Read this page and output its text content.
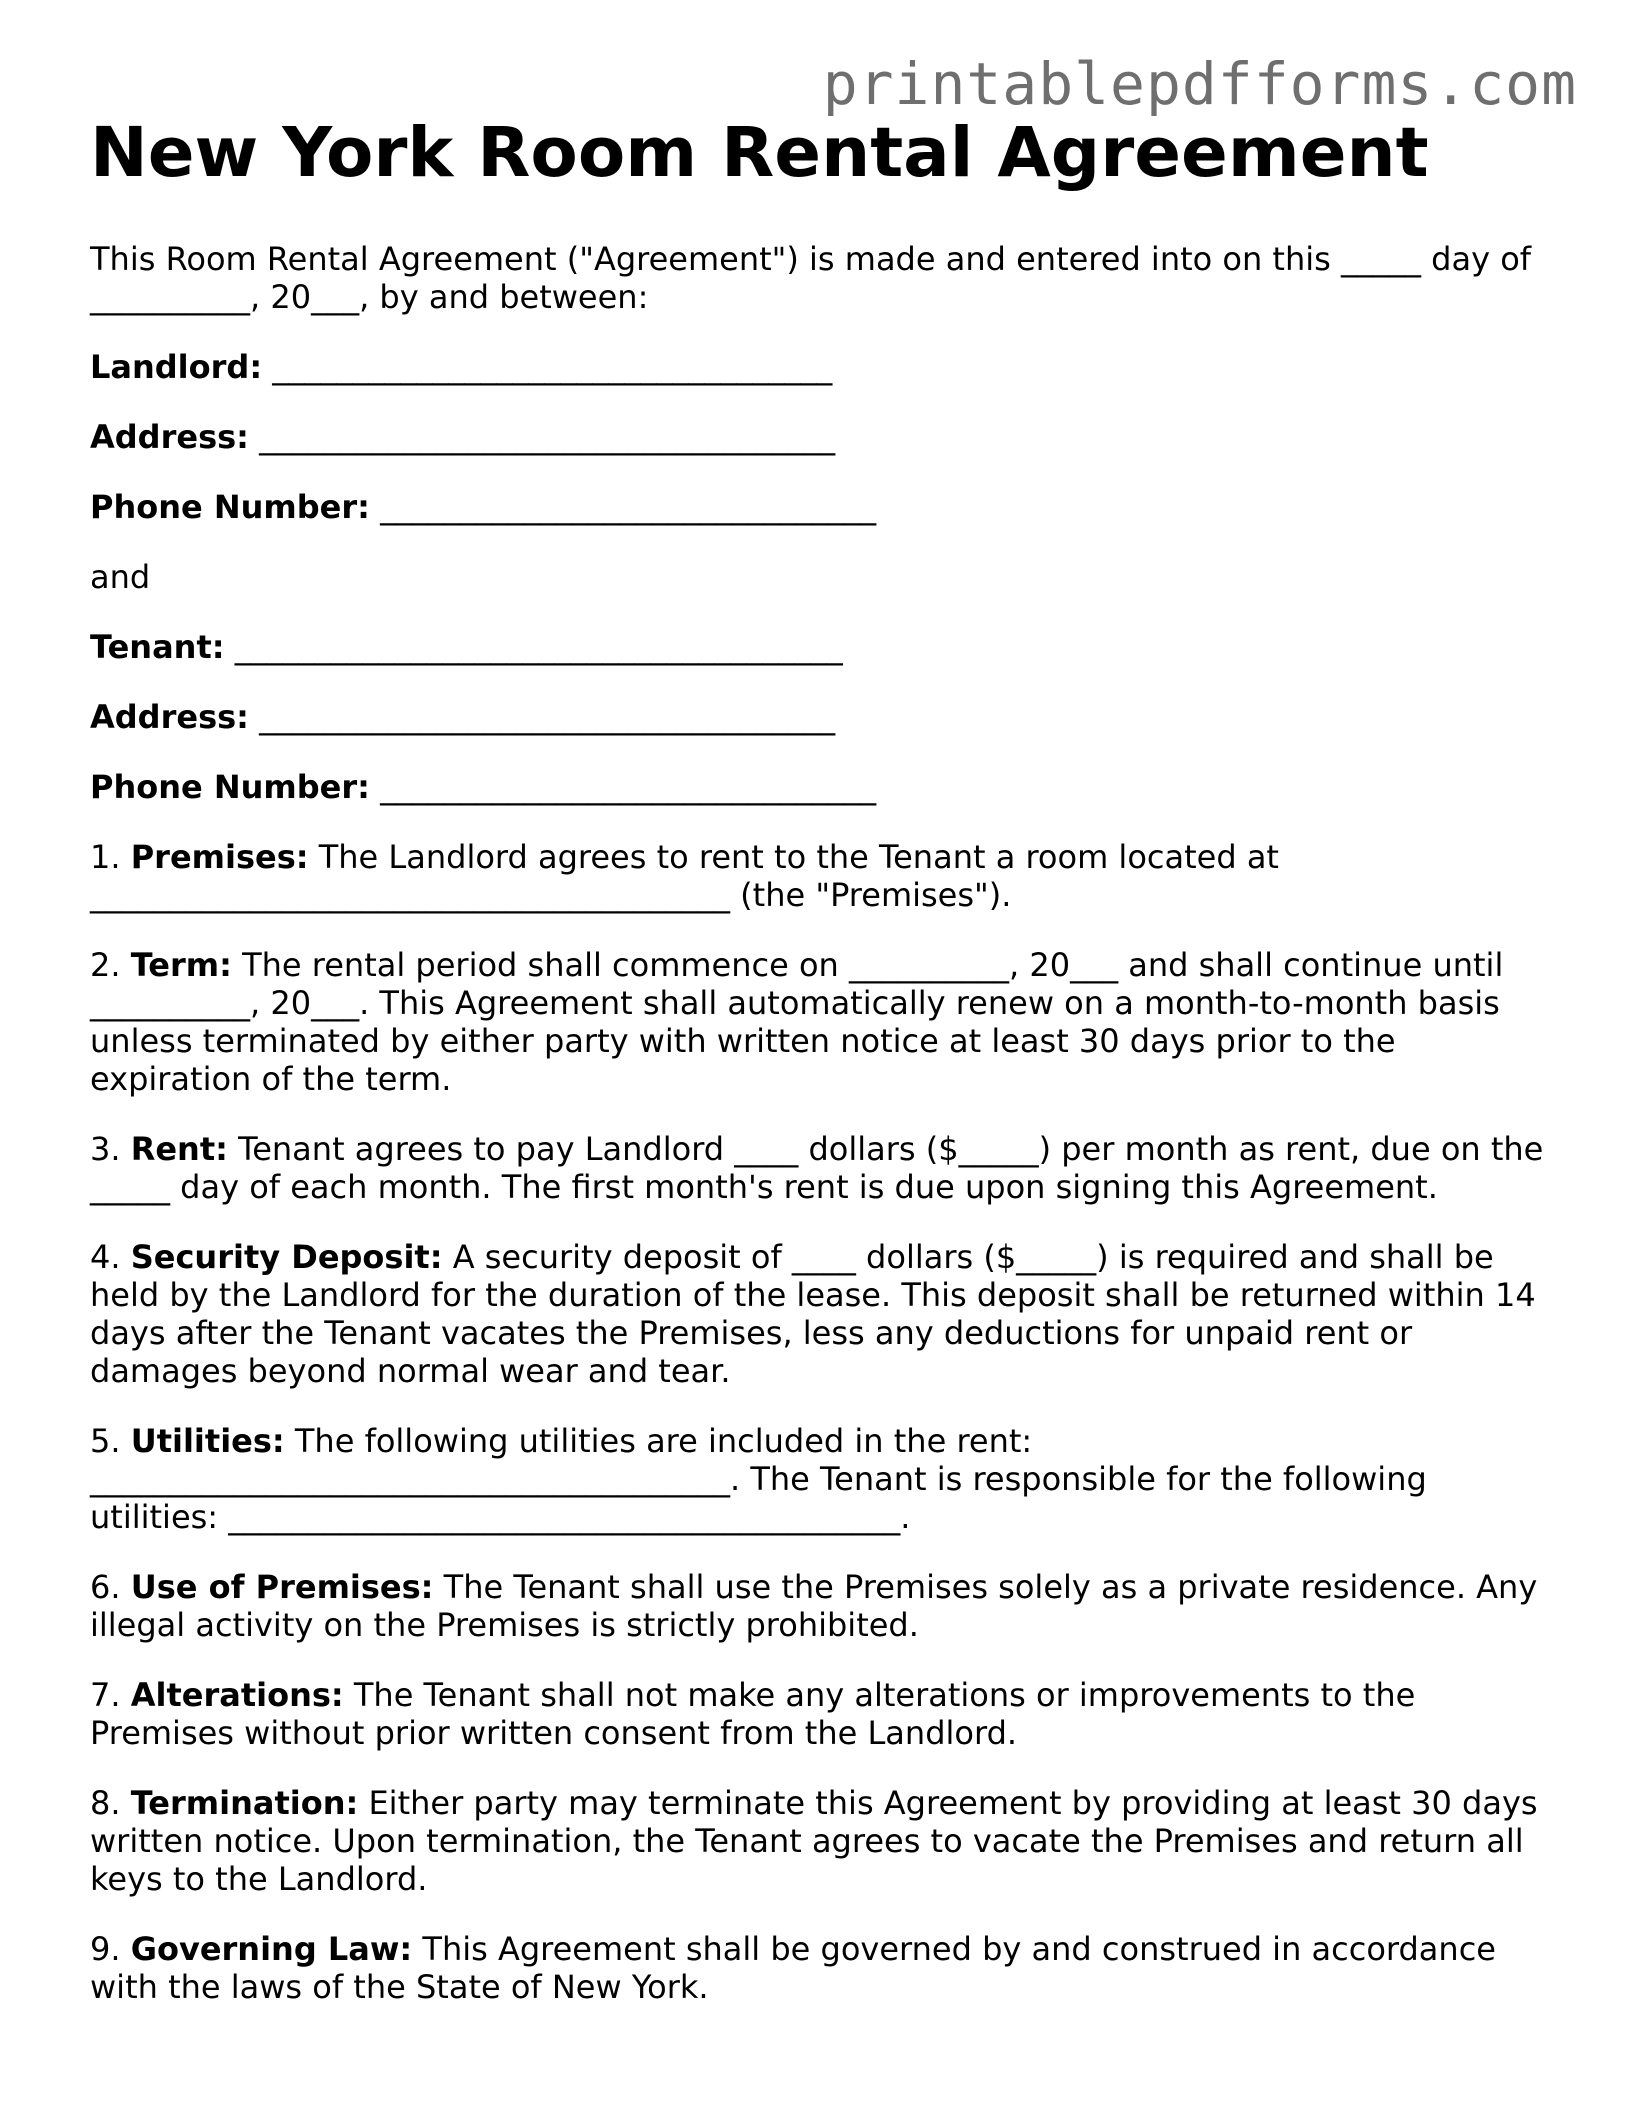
printablepdfforms.com
New York Room Rental Agreement

This Room Rental Agreement ("Agreement") is made and entered into on this _____ day of __________, 20___, by and between:

Landlord: ___________________________________

Address: ____________________________________

Phone Number: _______________________________

and

Tenant: ______________________________________

Address: ____________________________________

Phone Number: _______________________________

1. Premises: The Landlord agrees to rent to the Tenant a room located at ________________________________________ (the "Premises").

2. Term: The rental period shall commence on __________, 20___ and shall continue until __________, 20___. This Agreement shall automatically renew on a month-to-month basis unless terminated by either party with written notice at least 30 days prior to the expiration of the term.

3. Rent: Tenant agrees to pay Landlord ____ dollars ($_____) per month as rent, due on the _____ day of each month. The first month's rent is due upon signing this Agreement.

4. Security Deposit: A security deposit of ____ dollars ($_____) is required and shall be held by the Landlord for the duration of the lease. This deposit shall be returned within 14 days after the Tenant vacates the Premises, less any deductions for unpaid rent or damages beyond normal wear and tear.

5. Utilities: The following utilities are included in the rent: ________________________________________. The Tenant is responsible for the following utilities: __________________________________________.

6. Use of Premises: The Tenant shall use the Premises solely as a private residence. Any illegal activity on the Premises is strictly prohibited.

7. Alterations: The Tenant shall not make any alterations or improvements to the Premises without prior written consent from the Landlord.

8. Termination: Either party may terminate this Agreement by providing at least 30 days written notice. Upon termination, the Tenant agrees to vacate the Premises and return all keys to the Landlord.

9. Governing Law: This Agreement shall be governed by and construed in accordance with the laws of the State of New York.
